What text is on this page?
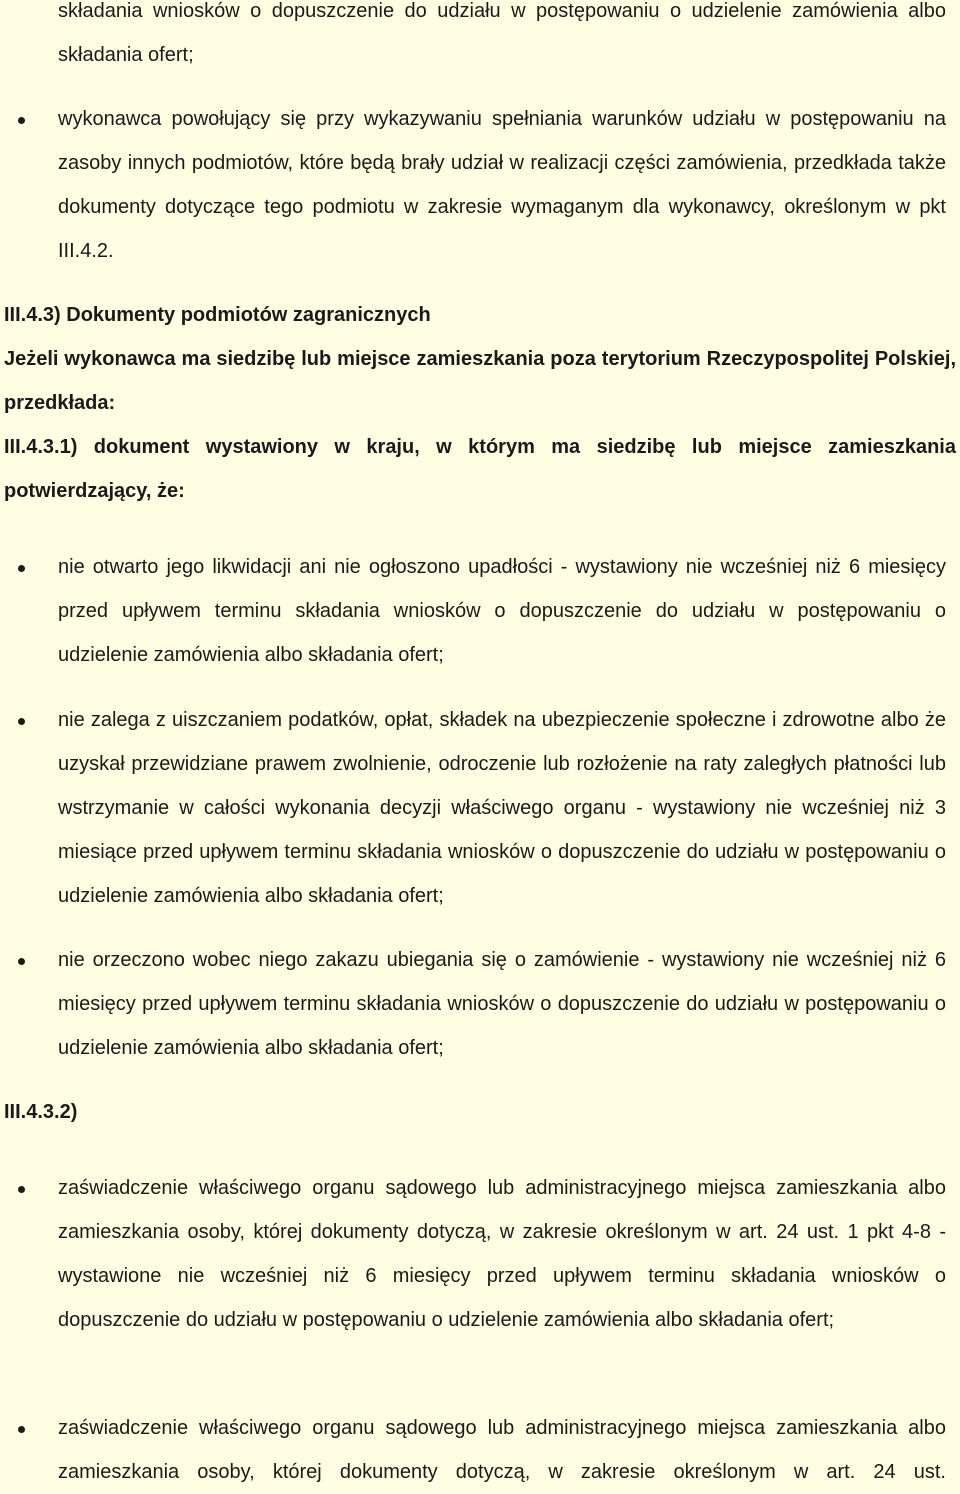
składania wniosków o dopuszczenie do udziału w postępowaniu o udzielenie zamówienia albo składania ofert;
wykonawca powołujący się przy wykazywaniu spełniania warunków udziału w postępowaniu na zasoby innych podmiotów, które będą brały udział w realizacji części zamówienia, przedkłada także dokumenty dotyczące tego podmiotu w zakresie wymaganym dla wykonawcy, określonym w pkt III.4.2.
III.4.3) Dokumenty podmiotów zagranicznych
Jeżeli wykonawca ma siedzibę lub miejsce zamieszkania poza terytorium Rzeczypospolitej Polskiej, przedkłada:
III.4.3.1) dokument wystawiony w kraju, w którym ma siedzibę lub miejsce zamieszkania potwierdzający, że:
nie otwarto jego likwidacji ani nie ogłoszono upadłości - wystawiony nie wcześniej niż 6 miesięcy przed upływem terminu składania wniosków o dopuszczenie do udziału w postępowaniu o udzielenie zamówienia albo składania ofert;
nie zalega z uiszczaniem podatków, opłat, składek na ubezpieczenie społeczne i zdrowotne albo że uzyskał przewidziane prawem zwolnienie, odroczenie lub rozłożenie na raty zaległych płatności lub wstrzymanie w całości wykonania decyzji właściwego organu - wystawiony nie wcześniej niż 3 miesiące przed upływem terminu składania wniosków o dopuszczenie do udziału w postępowaniu o udzielenie zamówienia albo składania ofert;
nie orzeczono wobec niego zakazu ubiegania się o zamówienie - wystawiony nie wcześniej niż 6 miesięcy przed upływem terminu składania wniosków o dopuszczenie do udziału w postępowaniu o udzielenie zamówienia albo składania ofert;
III.4.3.2)
zaświadczenie właściwego organu sądowego lub administracyjnego miejsca zamieszkania albo zamieszkania osoby, której dokumenty dotyczą, w zakresie określonym w art. 24 ust. 1 pkt 4-8 - wystawione nie wcześniej niż 6 miesięcy przed upływem terminu składania wniosków o dopuszczenie do udziału w postępowaniu o udzielenie zamówienia albo składania ofert;
zaświadczenie właściwego organu sądowego lub administracyjnego miejsca zamieszkania albo zamieszkania osoby, której dokumenty dotyczą, w zakresie określonym w art. 24 ust.
